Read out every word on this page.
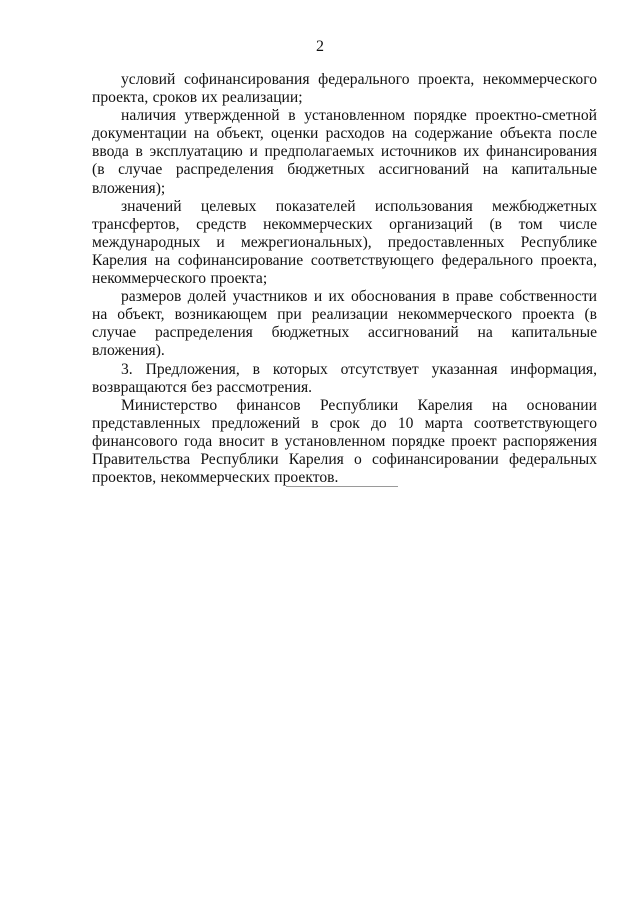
2

условий софинансирования федерального проекта, некоммерческого проекта, сроков их реализации;

наличия утвержденной в установленном порядке проектно-сметной документации на объект, оценки расходов на содержание объекта после ввода в эксплуатацию и предполагаемых источников их финансирования (в случае распределения бюджетных ассигнований на капитальные вложения);

значений целевых показателей использования межбюджетных трансфертов, средств некоммерческих организаций (в том числе международных и межрегиональных), предоставленных Республике Карелия на софинансирование соответствующего федерального проекта, некоммерческого проекта;

размеров долей участников и их обоснования в праве собственности на объект, возникающем при реализации некоммерческого проекта (в случае распределения бюджетных ассигнований на капитальные вложения).

3. Предложения, в которых отсутствует указанная информация, возвращаются без рассмотрения.

Министерство финансов Республики Карелия на основании представленных предложений в срок до 10 марта соответствующего финансового года вносит в установленном порядке проект распоряжения Правительства Республики Карелия о софинансировании федеральных проектов, некоммерческих проектов.
